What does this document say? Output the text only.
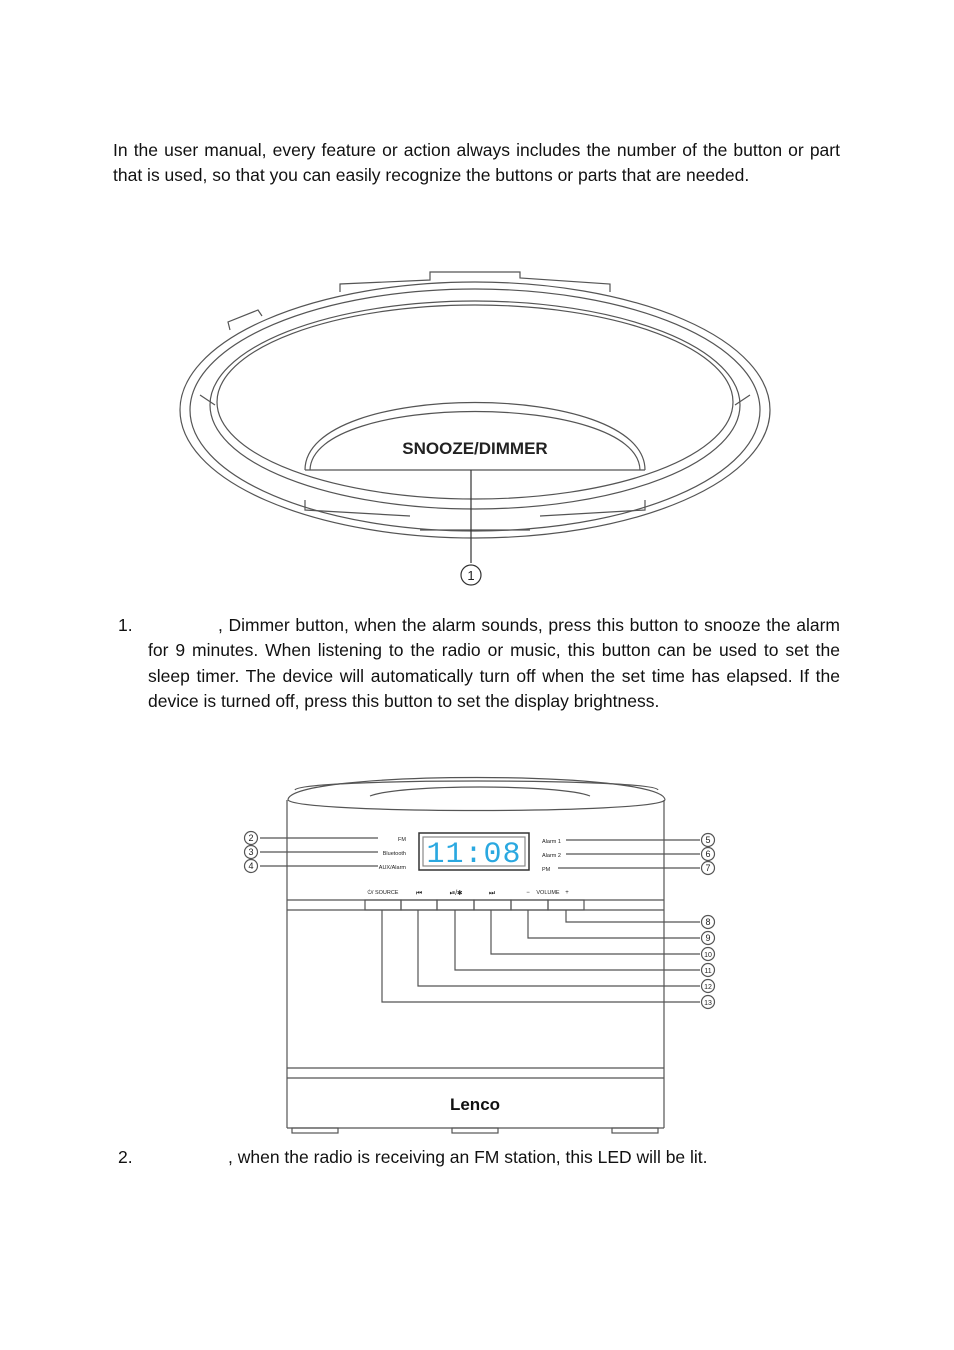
In the user manual, every feature or action always includes the number of the button or part that is used, so that you can easily recognize the buttons or parts that are needed.

SNOOZE/DIMMER
1
1.	, Dimmer button, when the alarm sounds, press this button to snooze the alarm for 9 minutes. When listening to the radio or music, this button can be used to set the sleep timer. The device will automatically turn off when the set time has elapsed. If the device is turned off, press this button to set the display brightness.
11:08
FM
Bluetooth
AUX/Alarm
Alarm 1
Alarm 2
PM
2
3
4
5
6
7
8
9
10
11
12
13
⏻/ SOURCE ⏮	⏯/✱	⏭	− VOLUME +
Lenco
2.	, when the radio is receiving an FM station, this LED will be lit.
